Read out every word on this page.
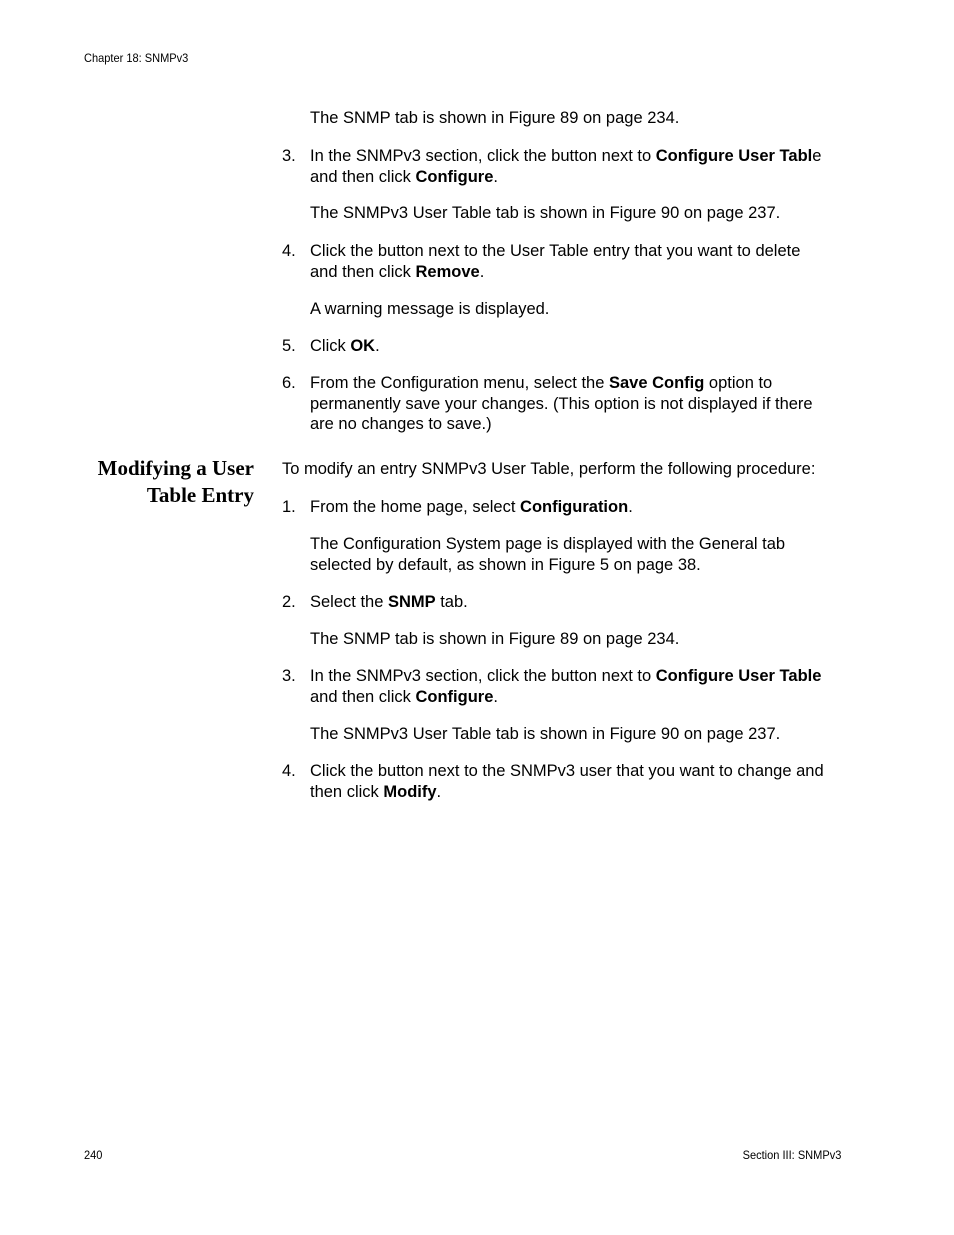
Chapter 18: SNMPv3
The SNMP tab is shown in Figure 89 on page 234.
3. In the SNMPv3 section, click the button next to Configure User Table
and then click Configure.
The SNMPv3 User Table tab is shown in Figure 90 on page 237.
4. Click the button next to the User Table entry that you want to delete
and then click Remove.
A warning message is displayed.
5. Click OK.
6. From the Configuration menu, select the Save Config option to
permanently save your changes. (This option is not displayed if there
are no changes to save.)
Modifying a User
Table Entry
To modify an entry SNMPv3 User Table, perform the following procedure:
1. From the home page, select Configuration.
The Configuration System page is displayed with the General tab
selected by default, as shown in Figure 5 on page 38.
2. Select the SNMP tab.
The SNMP tab is shown in Figure 89 on page 234.
3. In the SNMPv3 section, click the button next to Configure User Table
and then click Configure.
The SNMPv3 User Table tab is shown in Figure 90 on page 237.
4. Click the button next to the SNMPv3 user that you want to change and
then click Modify.
240	Section III: SNMPv3
